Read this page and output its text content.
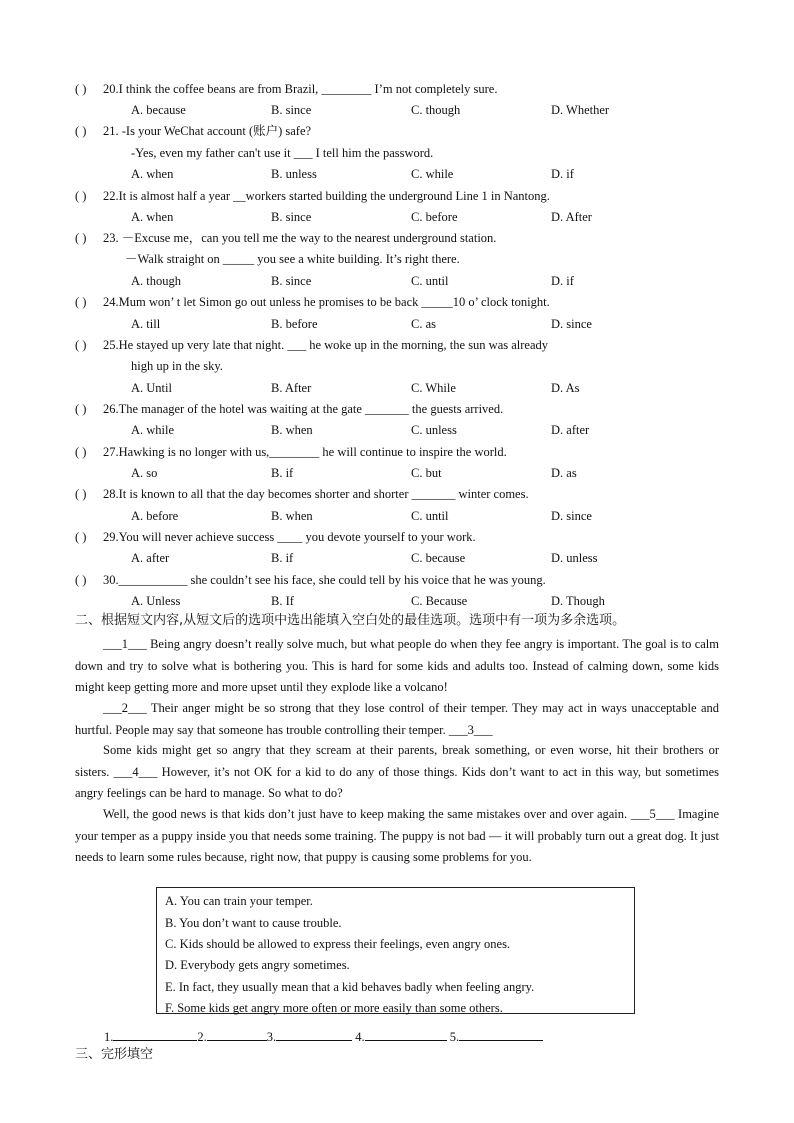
( ) 20.I think the coffee beans are from Brazil, ________ I’m not completely sure.
A. because	B. since	C. though	D. Whether
( ) 21. -Is your WeChat account (账户) safe?
-Yes, even my father can't use it ___ I tell him the password.
A. when	B. unless	C. while	D. if
( ) 22.It is almost half a year __workers started building the underground Line 1 in Nantong.
A. when	B. since	C. before	D. After
( ) 23. －Excuse me，can you tell me the way to the nearest underground station.
－Walk straight on _____ you see a white building. It’s right there.
A. though	B. since	C. until	D. if
( ) 24.Mum won’ t let Simon go out unless he promises to be back _____10 o’ clock tonight.
A. till	B. before	C. as	D. since
( ) 25.He stayed up very late that night. ___ he woke up in the morning, the sun was already
high up in the sky.
A. Until	B. After	C. While	D. As
( ) 26.The manager of the hotel was waiting at the gate _______ the guests arrived.
A. while	B. when	C. unless	D. after
( ) 27.Hawking is no longer with us,________ he will continue to inspire the world.
A. so	B. if	C. but	D. as
( ) 28.It is known to all that the day becomes shorter and shorter _______ winter comes.
A. before	B. when	C. until	D. since
( ) 29.You will never achieve success ____ you devote yourself to your work.
A. after	B. if	C. because	D. unless
( ) 30.___________ she couldn’t see his face, she could tell by his voice that he was young.
A. Unless	B. If	C. Because	D. Though
二、根据短文内容,从短文后的选项中选出能填入空白处的最佳选项。选项中有一项为多余选项。
___1___ Being angry doesn’t really solve much, but what people do when they fee angry is important. The goal is to calm down and try to solve what is bothering you. This is hard for some kids and adults too. Instead of calming down, some kids might keep getting more and more upset until they explode like a volcano!
___2___ Their anger might be so strong that they lose control of their temper. They may act in ways unacceptable and hurtful. People may say that someone has trouble controlling their temper. ___3___
Some kids might get so angry that they scream at their parents, break something, or even worse, hit their brothers or sisters. ___4___ However, it’s not OK for a kid to do any of those things. Kids don’t want to act in this way, but sometimes angry feelings can be hard to manage. So what to do?
Well, the good news is that kids don’t just have to keep making the same mistakes over and over again. ___5___ Imagine your temper as a puppy inside you that needs some training. The puppy is not bad — it will probably turn out a great dog. It just needs to learn some rules because, right now, that puppy is causing some problems for you.
A. You can train your temper.
B. You don’t want to cause trouble.
C. Kids should be allowed to express their feelings, even angry ones.
D. Everybody gets angry sometimes.
E. In fact, they usually mean that a kid behaves badly when feeling angry.
F. Some kids get angry more often or more easily than some others.
1.	2.	3.	4.	5.
三、完形填空
